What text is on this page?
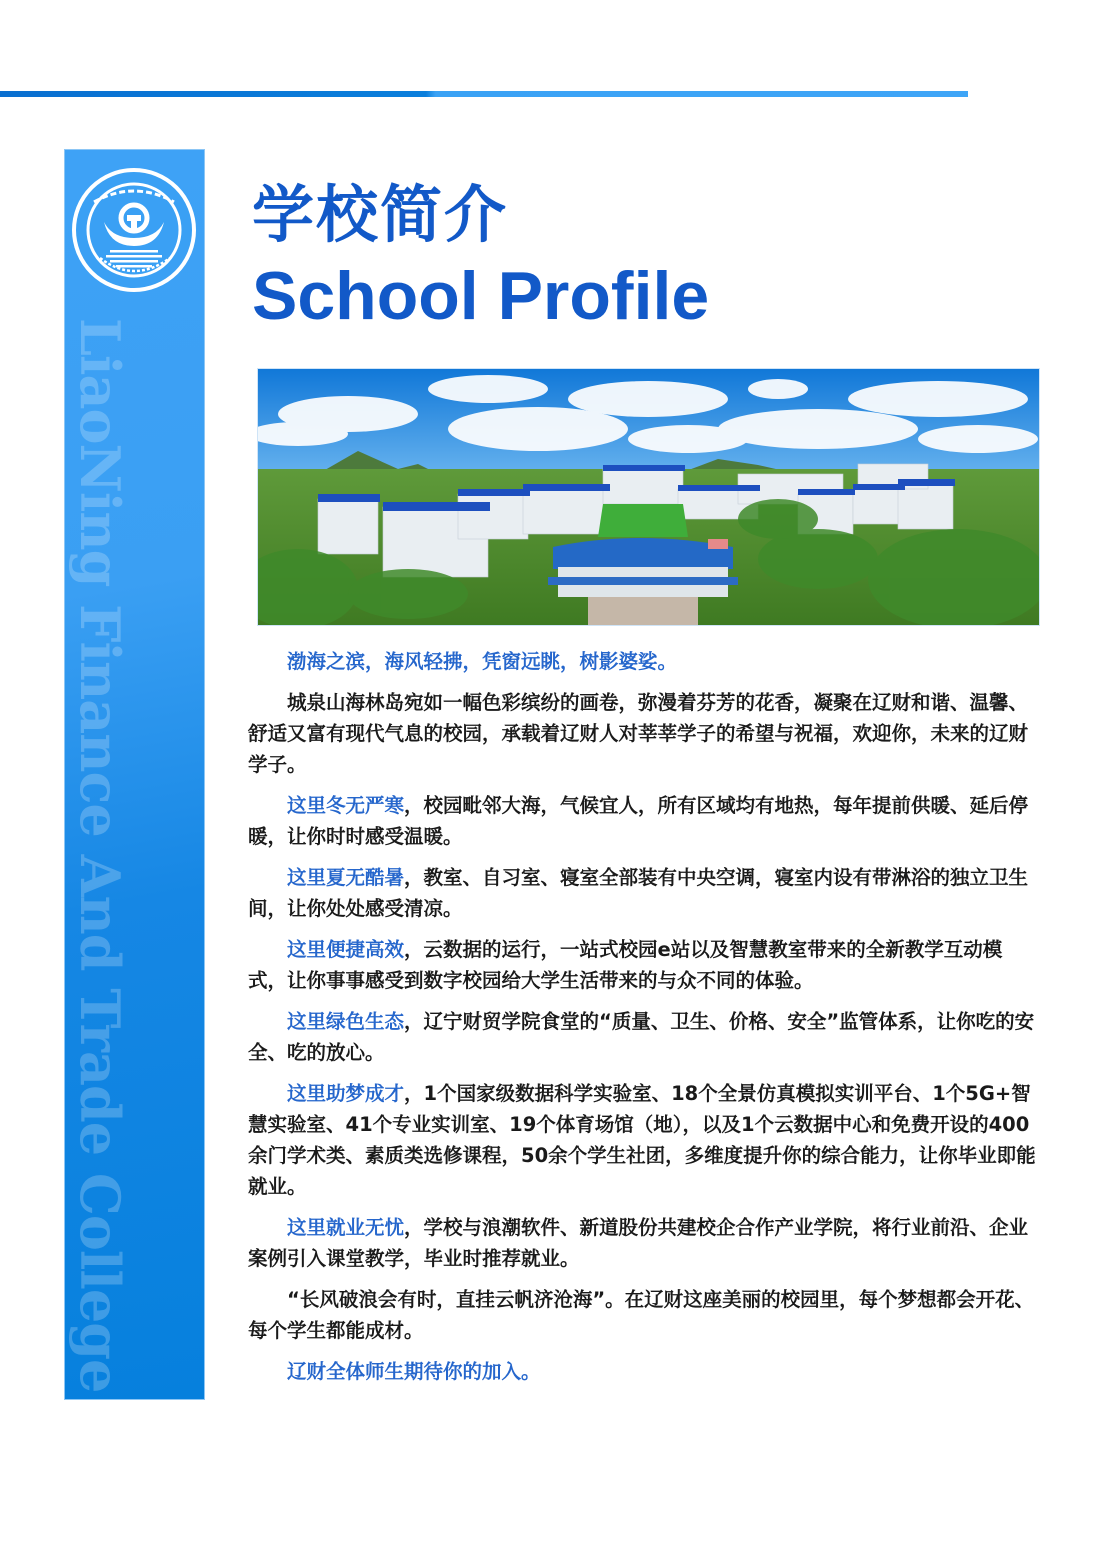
LiaoNing Finance And Trade College
学校简介
School Profile

渤海之滨，海风轻拂，凭窗远眺，树影婆娑。

城泉山海林岛宛如一幅色彩缤纷的画卷，弥漫着芬芳的花香，凝聚在辽财和谐、温馨、舒适又富有现代气息的校园，承载着辽财人对莘莘学子的希望与祝福，欢迎你，未来的辽财学子。

这里冬无严寒，校园毗邻大海，气候宜人，所有区域均有地热，每年提前供暖、延后停暖，让你时时感受温暖。

这里夏无酷暑，教室、自习室、寝室全部装有中央空调，寝室内设有带淋浴的独立卫生间，让你处处感受清凉。

这里便捷高效，云数据的运行，一站式校园e站以及智慧教室带来的全新教学互动模式，让你事事感受到数字校园给大学生活带来的与众不同的体验。

这里绿色生态，辽宁财贸学院食堂的“质量、卫生、价格、安全”监管体系，让你吃的安全、吃的放心。

这里助梦成才，1个国家级数据科学实验室、18个全景仿真模拟实训平台、1个5G+智慧实验室、41个专业实训室、19个体育场馆（地），以及1个云数据中心和免费开设的400余门学术类、素质类选修课程，50余个学生社团，多维度提升你的综合能力，让你毕业即能就业。

这里就业无忧，学校与浪潮软件、新道股份共建校企合作产业学院，将行业前沿、企业案例引入课堂教学，毕业时推荐就业。

“长风破浪会有时，直挂云帆济沧海”。在辽财这座美丽的校园里，每个梦想都会开花、每个学生都能成材。

辽财全体师生期待你的加入。
